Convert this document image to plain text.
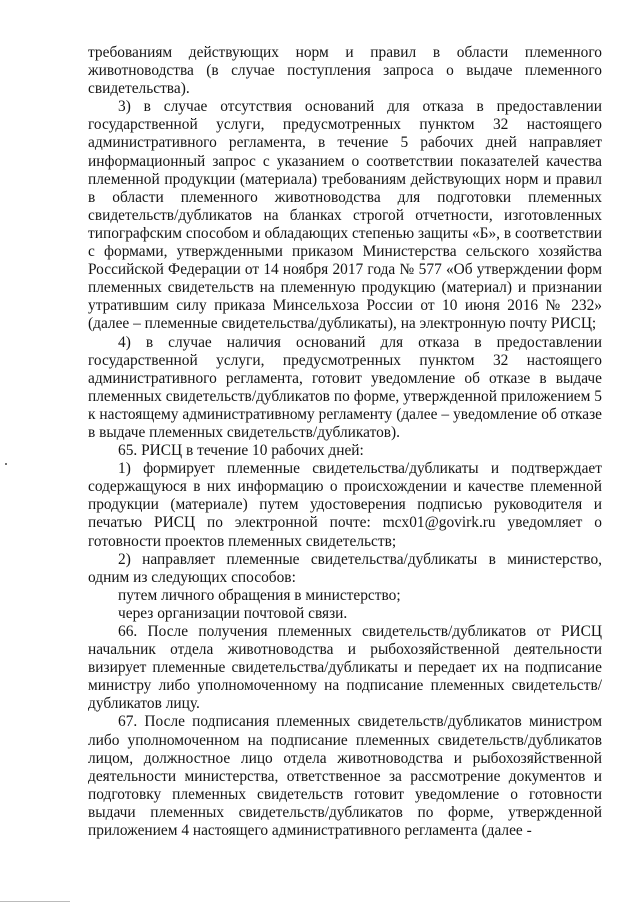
требованиям действующих норм и правил в области племенного животноводства (в случае поступления запроса о выдаче племенного свидетельства).

3) в случае отсутствия оснований для отказа в предоставлении государственной услуги, предусмотренных пунктом 32 настоящего административного регламента, в течение 5 рабочих дней направляет информационный запрос с указанием о соответствии показателей качества племенной продукции (материала) требованиям действующих норм и правил в области племенного животноводства для подготовки племенных свидетельств/дубликатов на бланках строгой отчетности, изготовленных типографским способом и обладающих степенью защиты «Б», в соответствии с формами, утвержденными приказом Министерства сельского хозяйства Российской Федерации от 14 ноября 2017 года № 577 «Об утверждении форм племенных свидетельств на племенную продукцию (материал) и признании утратившим силу приказа Минсельхоза России от 10 июня 2016 № 232» (далее – племенные свидетельства/дубликаты), на электронную почту РИСЦ;

4) в случае наличия оснований для отказа в предоставлении государственной услуги, предусмотренных пунктом 32 настоящего административного регламента, готовит уведомление об отказе в выдаче племенных свидетельств/дубликатов по форме, утвержденной приложением 5 к настоящему административному регламенту (далее – уведомление об отказе в выдаче племенных свидетельств/дубликатов).

65. РИСЦ в течение 10 рабочих дней:

1) формирует племенные свидетельства/дубликаты и подтверждает содержащуюся в них информацию о происхождении и качестве племенной продукции (материале) путем удостоверения подписью руководителя и печатью РИСЦ по электронной почте: mcx01@govirk.ru уведомляет о готовности проектов племенных свидетельств;

2) направляет племенные свидетельства/дубликаты в министерство, одним из следующих способов:

путем личного обращения в министерство;

через организации почтовой связи.

66. После получения племенных свидетельств/дубликатов от РИСЦ начальник отдела животноводства и рыбохозяйственной деятельности визирует племенные свидетельства/дубликаты и передает их на подписание министру либо уполномоченному на подписание племенных свидетельств/дубликатов лицу.

67. После подписания племенных свидетельств/дубликатов министром либо уполномоченном на подписание племенных свидетельств/дубликатов лицом, должностное лицо отдела животноводства и рыбохозяйственной деятельности министерства, ответственное за рассмотрение документов и подготовку племенных свидетельств готовит уведомление о готовности выдачи племенных свидетельств/дубликатов по форме, утвержденной приложением 4 настоящего административного регламента (далее -
